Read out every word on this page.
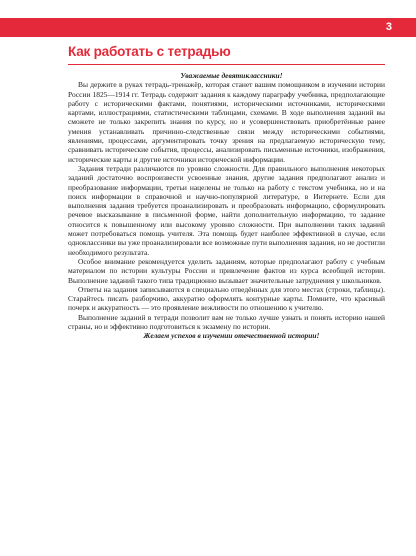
3
Как работать с тетрадью

Уважаемые девятиклассники!

Вы держите в руках тетрадь-тренажёр, которая станет вашим помощником в изучении истории России 1825—1914 гг. Тетрадь содержит задания к каждому параграфу учебника, предполагающие работу с историческими фактами, понятиями, историческими источниками, историческими картами, иллюстрациями, статистическими таблицами, схемами. В ходе выполнения заданий вы сможете не только закрепить знания по курсу, но и усовершенствовать приобретённые ранее умения устанавливать причинно-следственные связи между историческими событиями, явлениями, процессами, аргументировать точку зрения на предлагаемую историческую тему, сравнивать исторические события, процессы, анализировать письменные источники, изображения, исторические карты и другие источники исторической информации.

Задания тетради различаются по уровню сложности. Для правильного выполнения некоторых заданий достаточно воспроизвести усвоенные знания, другие задания предполагают анализ и преобразование информации, третьи нацелены не только на работу с текстом учебника, но и на поиск информации в справочной и научно-популярной литературе, в Интернете. Если для выполнения задания требуется проанализировать и преобразовать информацию, сформулировать речевое высказывание в письменной форме, найти дополнительную информацию, то задание относится к повышенному или высокому уровню сложности. При выполнении таких заданий может потребоваться помощь учителя. Эта помощь будет наиболее эффективной в случае, если одноклассники вы уже проанализировали все возможные пути выполнения задания, но не достигли необходимого результата.

Особое внимание рекомендуется уделить заданиям, которые предполагают работу с учебным материалом по истории культуры России и привлечение фактов из курса всеобщей истории. Выполнение заданий такого типа традиционно вызывает значительные затруднения у школьников.

Ответы на задания записываются в специально отведённых для этого местах (строки, таблицы). Старайтесь писать разборчиво, аккуратно оформлять контурные карты. Помните, что красивый почерк и аккуратность — это проявление вежливости по отношению к учителю.

Выполнение заданий в тетради позволит вам не только лучше узнать и понять историю нашей страны, но и эффективно подготовиться к экзамену по истории.

Желаем успехов в изучении отечественной истории!
